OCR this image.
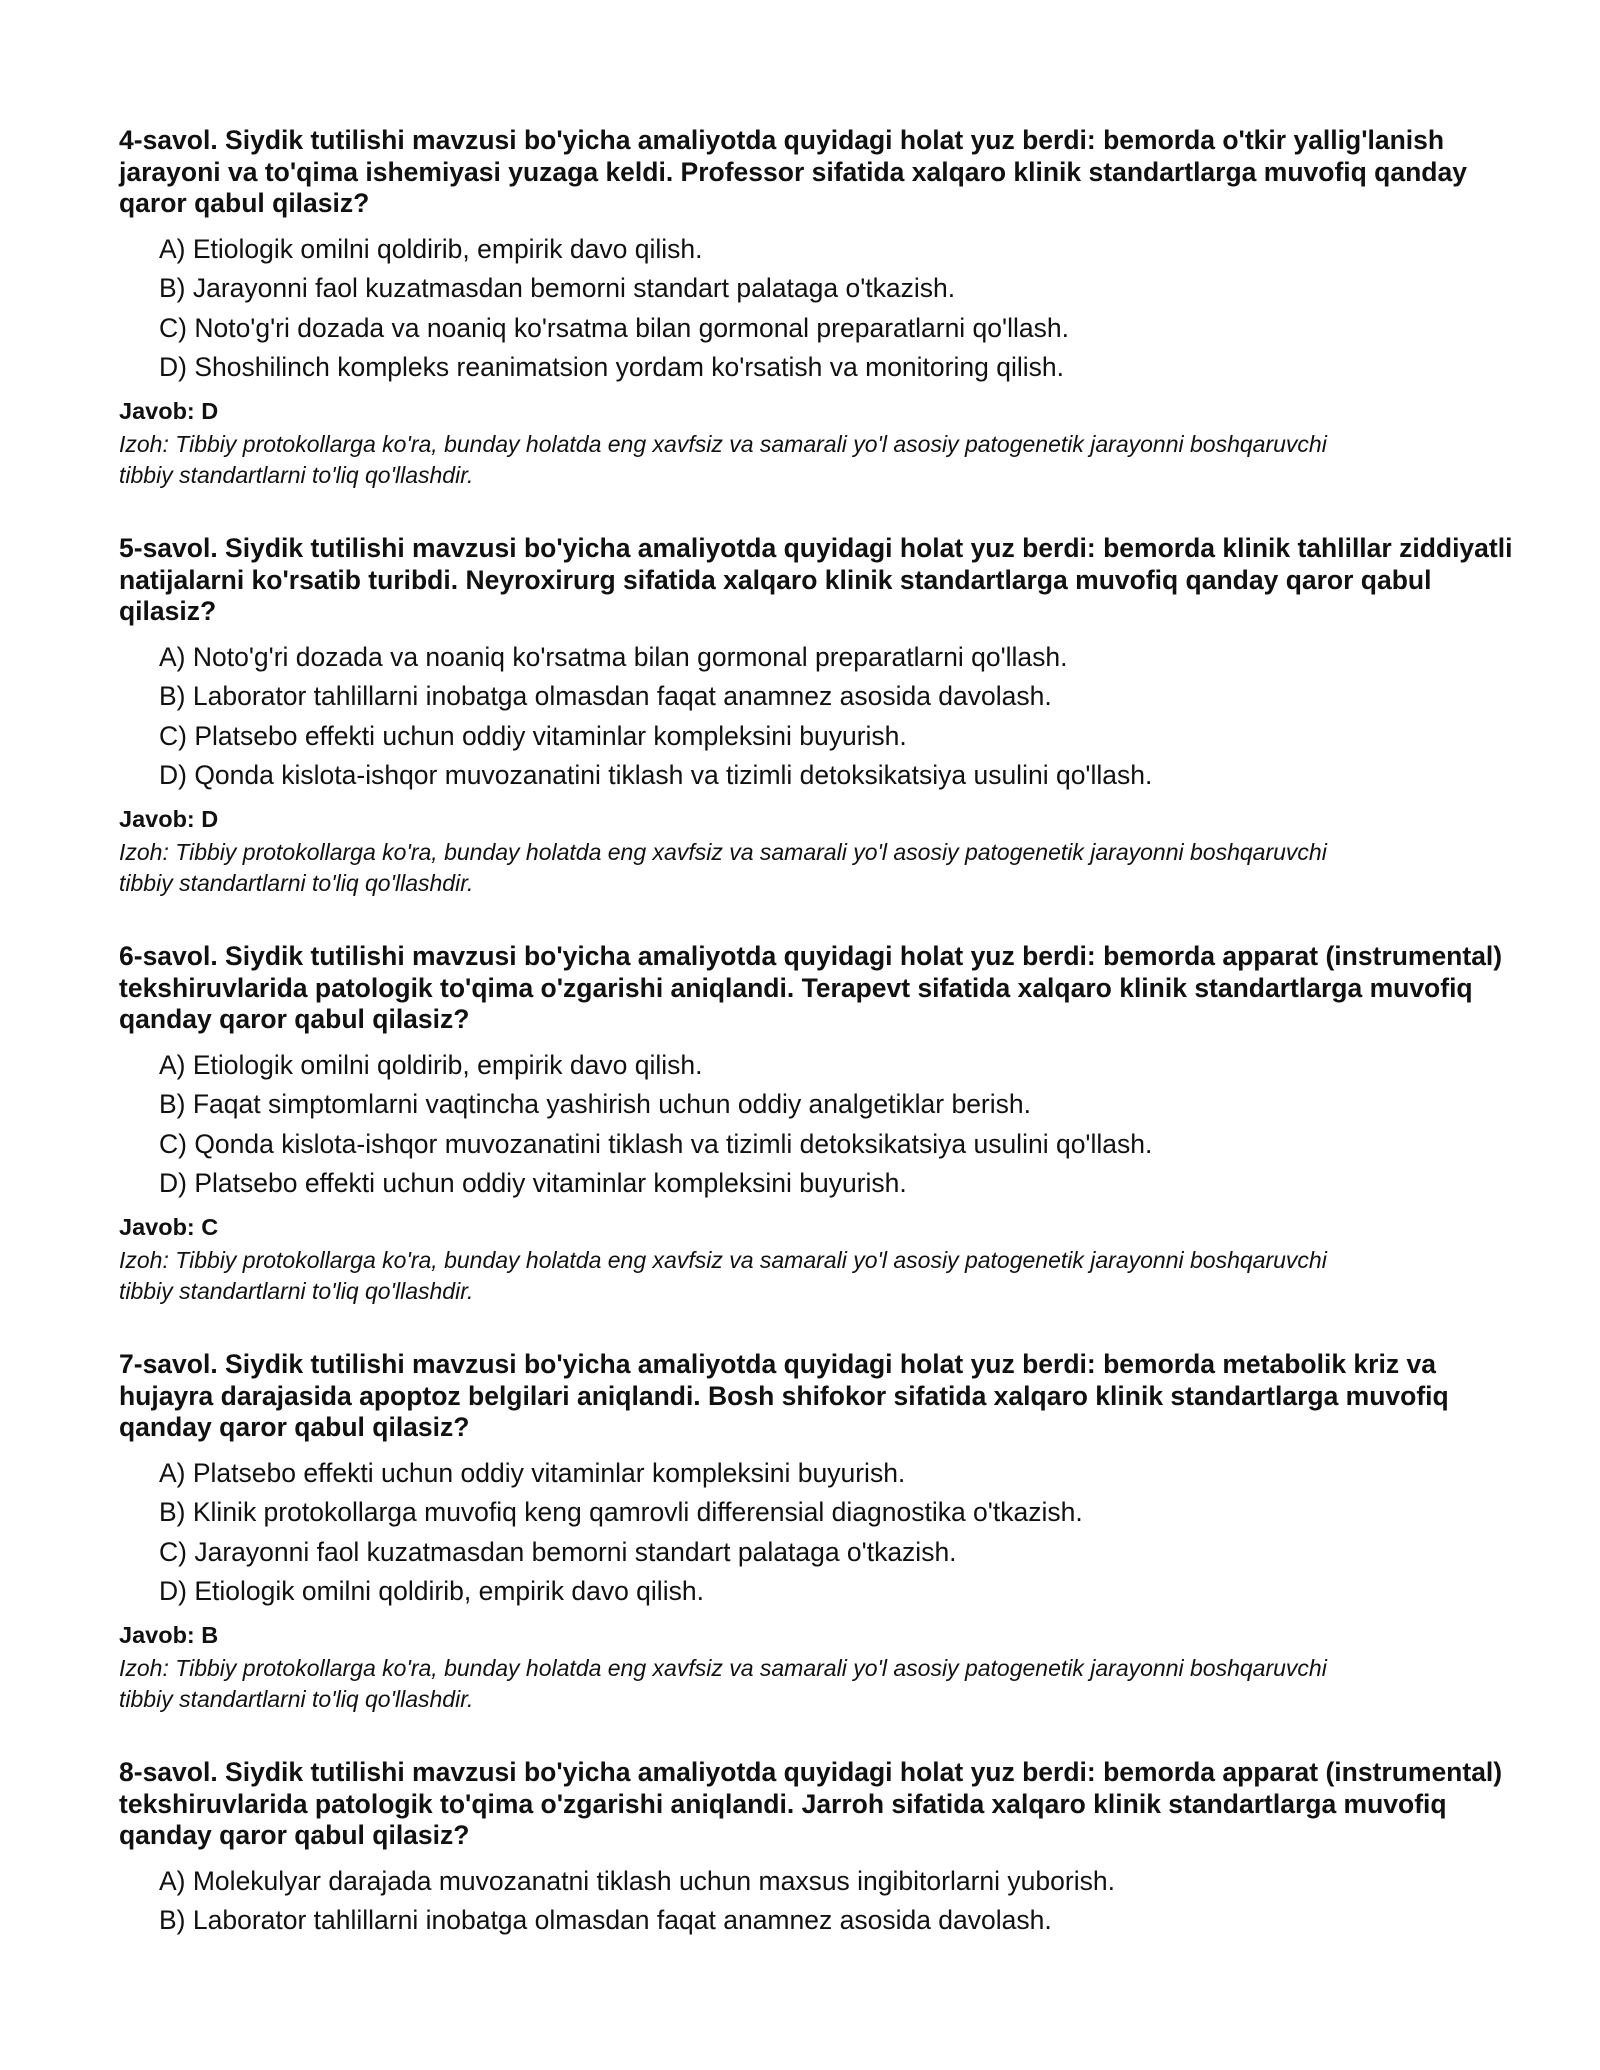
4-savol. Siydik tutilishi mavzusi bo'yicha amaliyotda quyidagi holat yuz berdi: bemorda o'tkir yallig'lanish jarayoni va to'qima ishemiyasi yuzaga keldi. Professor sifatida xalqaro klinik standartlarga muvofiq qanday qaror qabul qilasiz?

A) Etiologik omilni qoldirib, empirik davo qilish.
B) Jarayonni faol kuzatmasdan bemorni standart palataga o'tkazish.
C) Noto'g'ri dozada va noaniq ko'rsatma bilan gormonal preparatlarni qo'llash.
D) Shoshilinch kompleks reanimatsion yordam ko'rsatish va monitoring qilish.
Javob: D
Izoh: Tibbiy protokollarga ko'ra, bunday holatda eng xavfsiz va samarali yo'l asosiy patogenetik jarayonni boshqaruvchi tibbiy standartlarni to'liq qo'llashdir.

5-savol. Siydik tutilishi mavzusi bo'yicha amaliyotda quyidagi holat yuz berdi: bemorda klinik tahlillar ziddiyatli natijalarni ko'rsatib turibdi. Neyroxirurg sifatida xalqaro klinik standartlarga muvofiq qanday qaror qabul qilasiz?

A) Noto'g'ri dozada va noaniq ko'rsatma bilan gormonal preparatlarni qo'llash.
B) Laborator tahlillarni inobatga olmasdan faqat anamnez asosida davolash.
C) Platsebo effekti uchun oddiy vitaminlar kompleksini buyurish.
D) Qonda kislota-ishqor muvozanatini tiklash va tizimli detoksikatsiya usulini qo'llash.
Javob: D
Izoh: Tibbiy protokollarga ko'ra, bunday holatda eng xavfsiz va samarali yo'l asosiy patogenetik jarayonni boshqaruvchi tibbiy standartlarni to'liq qo'llashdir.

6-savol. Siydik tutilishi mavzusi bo'yicha amaliyotda quyidagi holat yuz berdi: bemorda apparat (instrumental) tekshiruvlarida patologik to'qima o'zgarishi aniqlandi. Terapevt sifatida xalqaro klinik standartlarga muvofiq qanday qaror qabul qilasiz?

A) Etiologik omilni qoldirib, empirik davo qilish.
B) Faqat simptomlarni vaqtincha yashirish uchun oddiy analgetiklar berish.
C) Qonda kislota-ishqor muvozanatini tiklash va tizimli detoksikatsiya usulini qo'llash.
D) Platsebo effekti uchun oddiy vitaminlar kompleksini buyurish.
Javob: C
Izoh: Tibbiy protokollarga ko'ra, bunday holatda eng xavfsiz va samarali yo'l asosiy patogenetik jarayonni boshqaruvchi tibbiy standartlarni to'liq qo'llashdir.

7-savol. Siydik tutilishi mavzusi bo'yicha amaliyotda quyidagi holat yuz berdi: bemorda metabolik kriz va hujayra darajasida apoptoz belgilari aniqlandi. Bosh shifokor sifatida xalqaro klinik standartlarga muvofiq qanday qaror qabul qilasiz?

A) Platsebo effekti uchun oddiy vitaminlar kompleksini buyurish.
B) Klinik protokollarga muvofiq keng qamrovli differensial diagnostika o'tkazish.
C) Jarayonni faol kuzatmasdan bemorni standart palataga o'tkazish.
D) Etiologik omilni qoldirib, empirik davo qilish.
Javob: B
Izoh: Tibbiy protokollarga ko'ra, bunday holatda eng xavfsiz va samarali yo'l asosiy patogenetik jarayonni boshqaruvchi tibbiy standartlarni to'liq qo'llashdir.

8-savol. Siydik tutilishi mavzusi bo'yicha amaliyotda quyidagi holat yuz berdi: bemorda apparat (instrumental) tekshiruvlarida patologik to'qima o'zgarishi aniqlandi. Jarroh sifatida xalqaro klinik standartlarga muvofiq qanday qaror qabul qilasiz?

A) Molekulyar darajada muvozanatni tiklash uchun maxsus ingibitorlarni yuborish.
B) Laborator tahlillarni inobatga olmasdan faqat anamnez asosida davolash.
